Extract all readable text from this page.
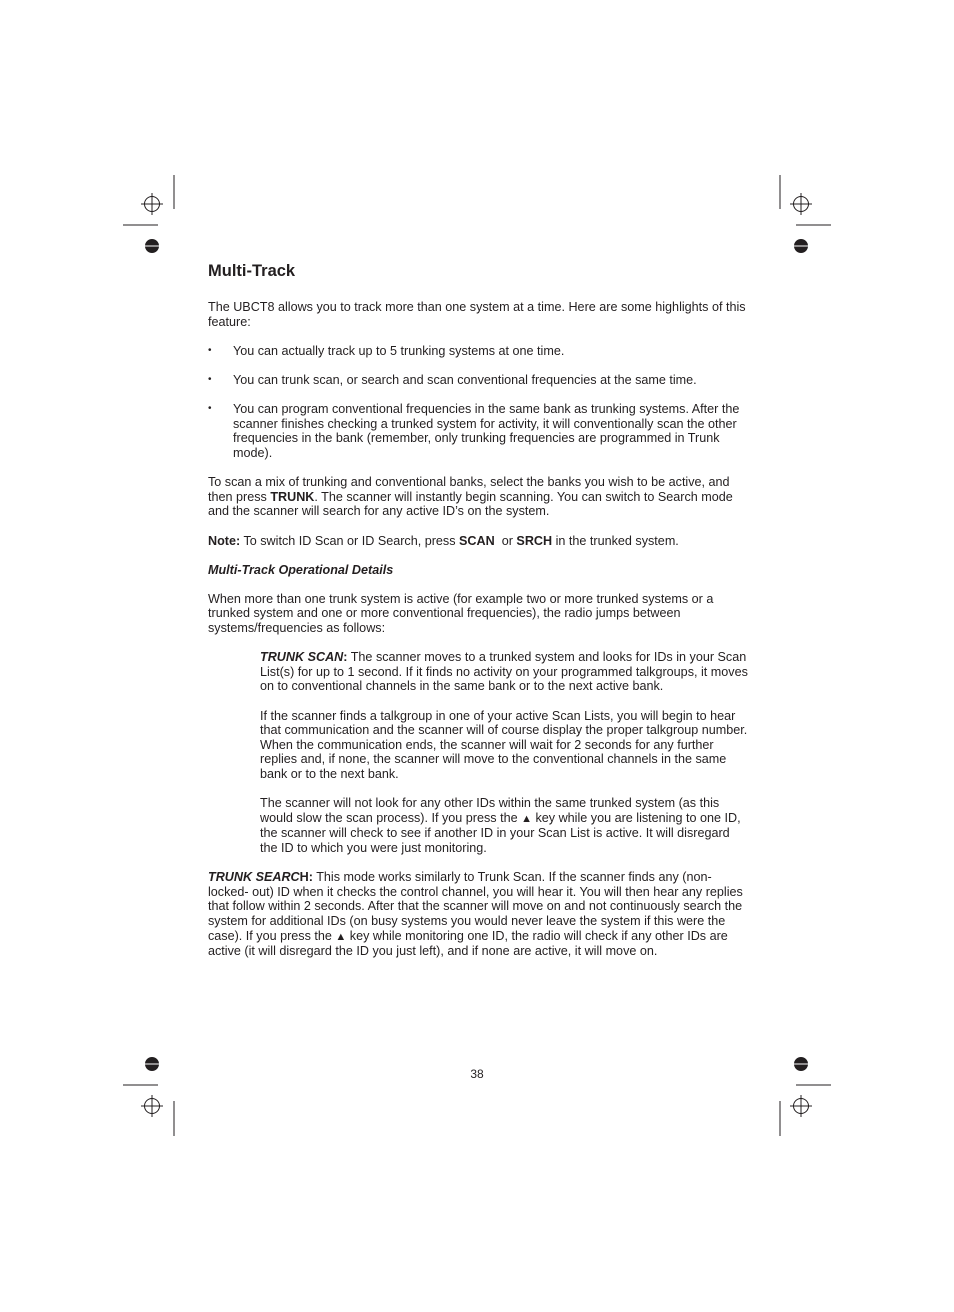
Multi-Track

The UBCT8 allows you to track more than one system at a time. Here are some highlights of this feature:

• You can actually track up to 5 trunking systems at one time.
• You can trunk scan, or search and scan conventional frequencies at the same time.
• You can program conventional frequencies in the same bank as trunking systems. After the scanner finishes checking a trunked system for activity, it will conventionally scan the other frequencies in the bank (remember, only trunking frequencies are programmed in Trunk mode).

To scan a mix of trunking and conventional banks, select the banks you wish to be active, and then press TRUNK. The scanner will instantly begin scanning. You can switch to Search mode and the scanner will search for any active ID’s on the system.

Note: To switch ID Scan or ID Search, press SCAN  or SRCH in the trunked system.

Multi-Track Operational Details

When more than one trunk system is active (for example two or more trunked systems or a trunked system and one or more conventional frequencies), the radio jumps between systems/frequencies as follows:

TRUNK SCAN: The scanner moves to a trunked system and looks for IDs in your Scan List(s) for up to 1 second. If it finds no activity on your programmed talkgroups, it moves on to conventional channels in the same bank or to the next active bank.

If the scanner finds a talkgroup in one of your active Scan Lists, you will begin to hear that communication and the scanner will of course display the proper talkgroup number. When the communication ends, the scanner will wait for 2 seconds for any further replies and, if none, the scanner will move to the conventional channels in the same bank or to the next bank.

The scanner will not look for any other IDs within the same trunked system (as this would slow the scan process). If you press the ▲ key while you are listening to one ID, the scanner will check to see if another ID in your Scan List is active. It will disregard the ID to which you were just monitoring.

TRUNK SEARCH: This mode works similarly to Trunk Scan. If the scanner finds any (non-locked- out) ID when it checks the control channel, you will hear it. You will then hear any replies that follow within 2 seconds. After that the scanner will move on and not continuously search the system for additional IDs (on busy systems you would never leave the system if this were the case). If you press the ▲ key while monitoring one ID, the radio will check if any other IDs are active (it will disregard the ID you just left), and if none are active, it will move on.

38
